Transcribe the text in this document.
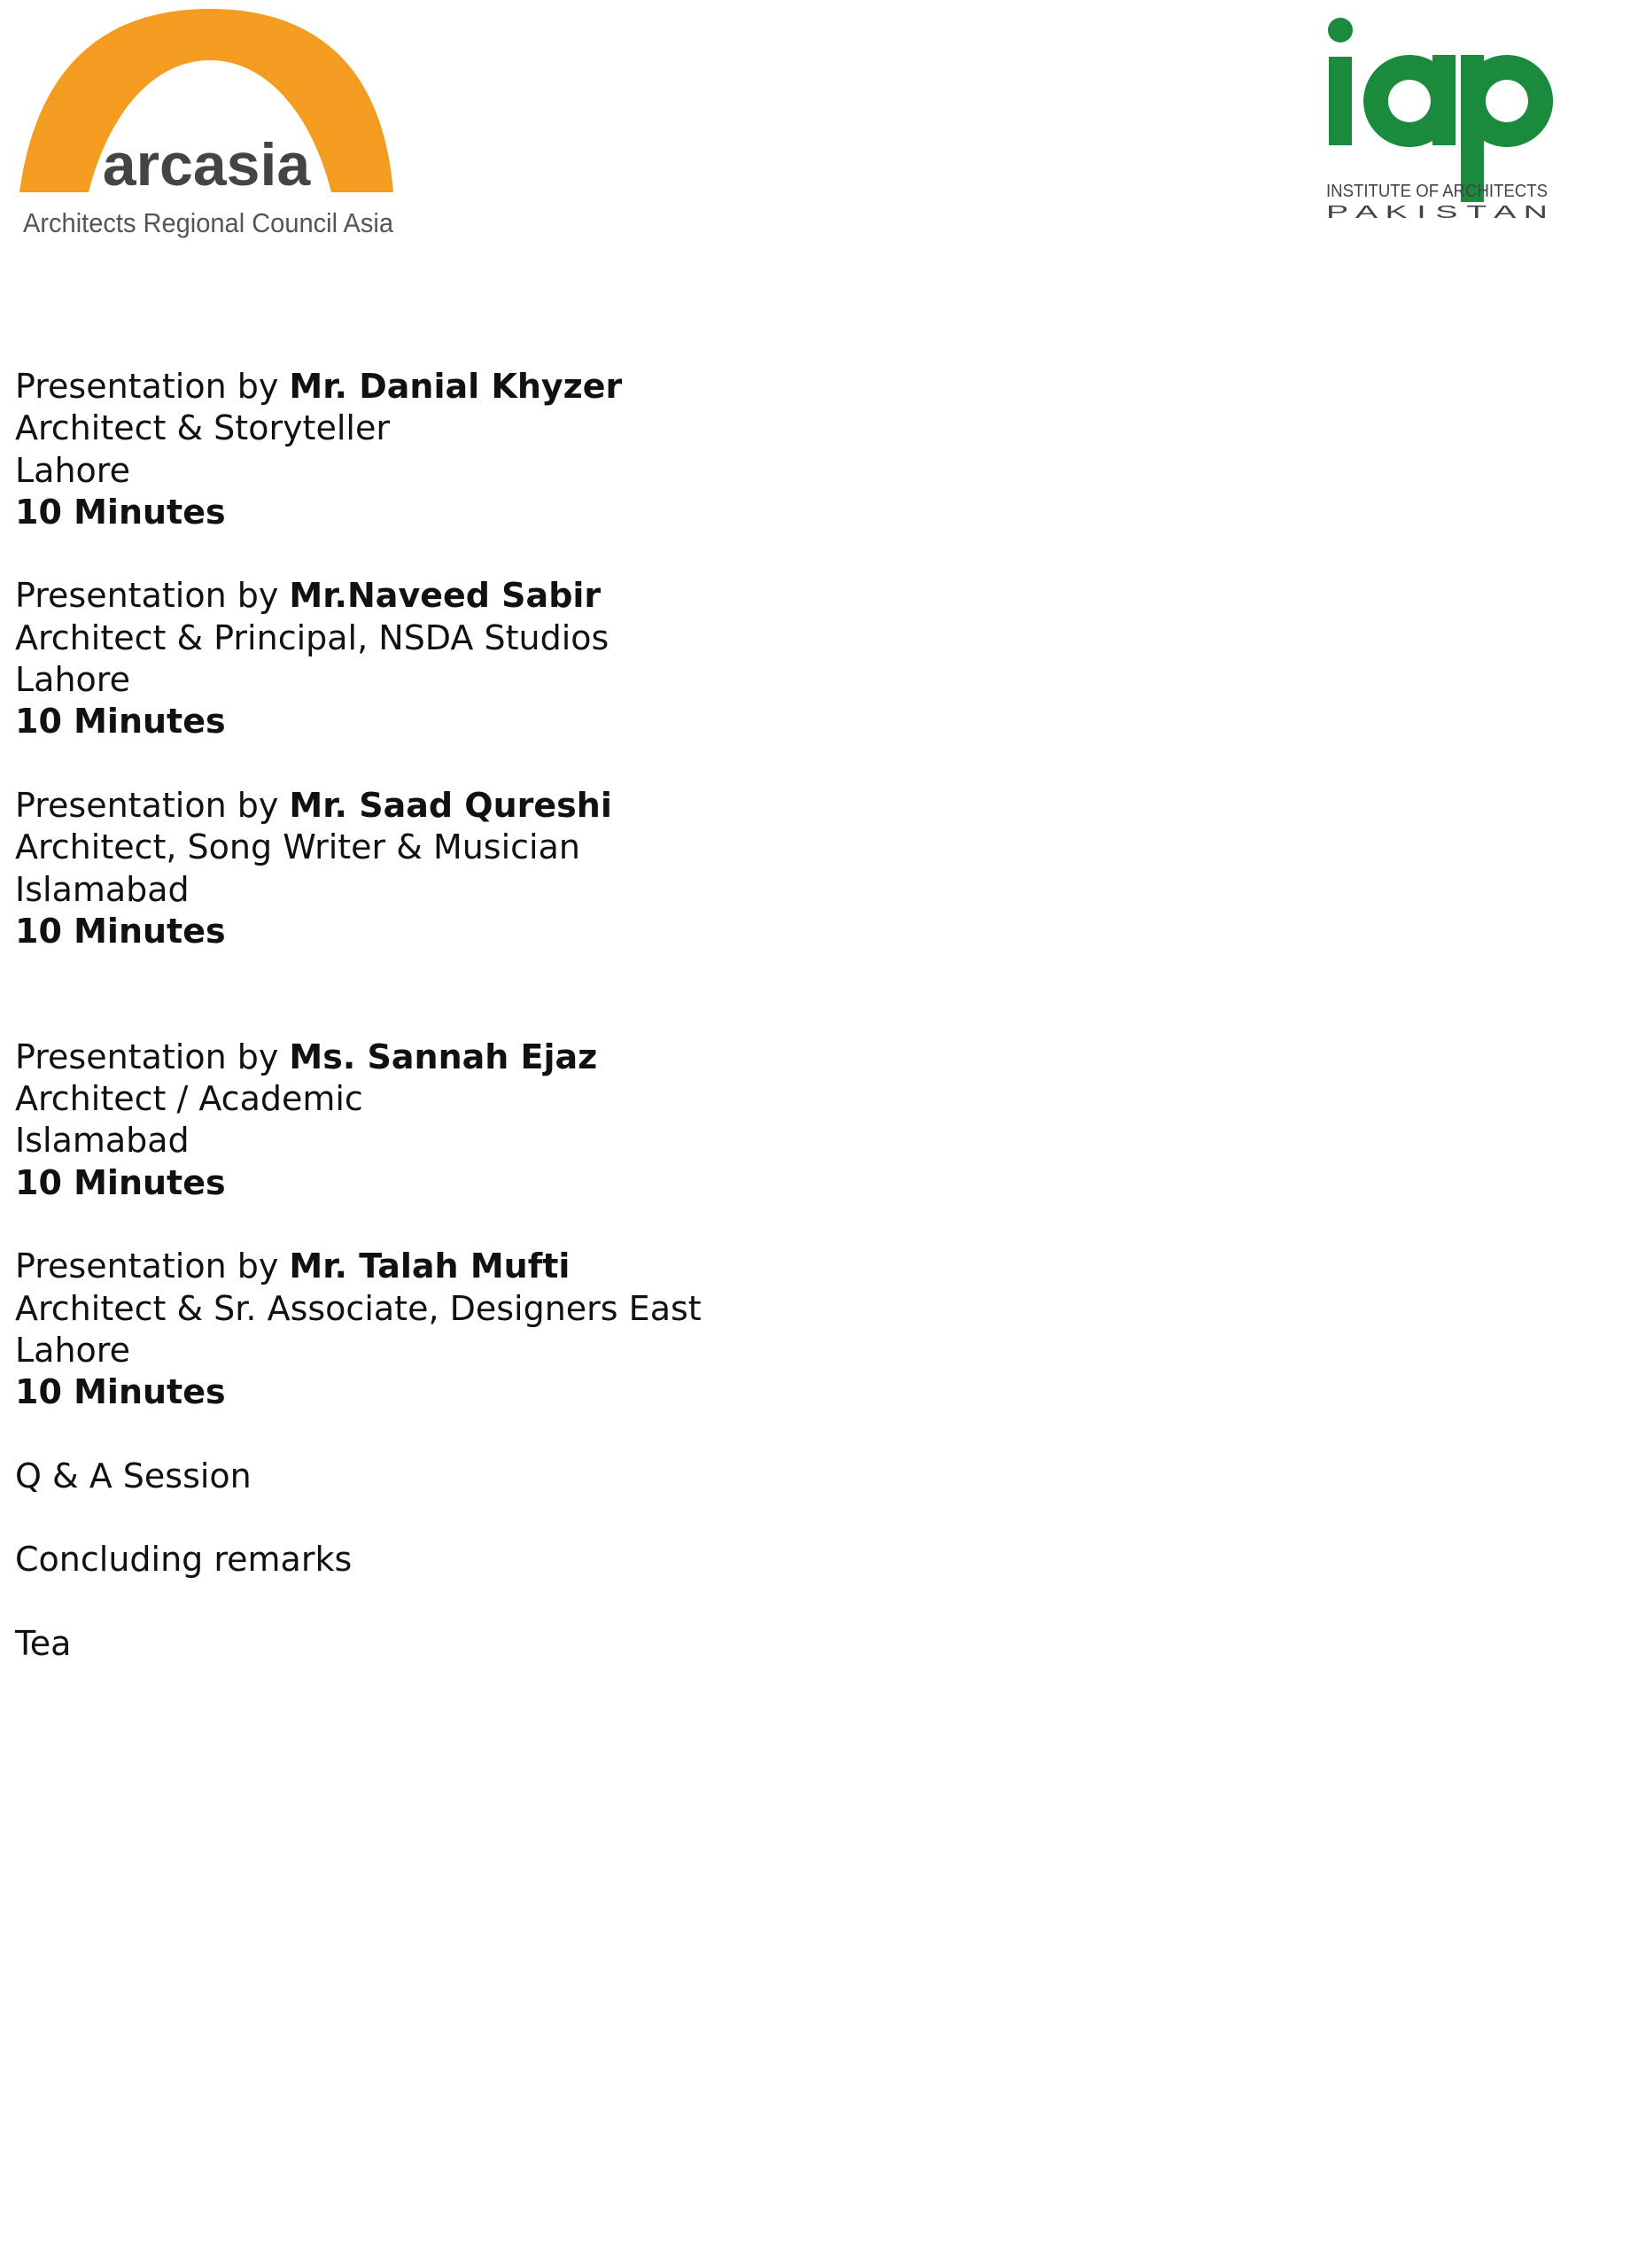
arcasia
Architects Regional Council Asia
INSTITUTE OF ARCHITECTS
P A K I S T A N
Presentation by Mr. Danial Khyzer
Architect & Storyteller
Lahore
10 Minutes
Presentation by Mr.Naveed Sabir
Architect & Principal, NSDA Studios
Lahore
10 Minutes
Presentation by Mr. Saad Qureshi
Architect, Song Writer & Musician
Islamabad
10 Minutes
Presentation by Ms. Sannah Ejaz
Architect / Academic
Islamabad
10 Minutes
Presentation by Mr. Talah Mufti
Architect & Sr. Associate, Designers East
Lahore
10 Minutes
Q & A Session
Concluding remarks
Tea
